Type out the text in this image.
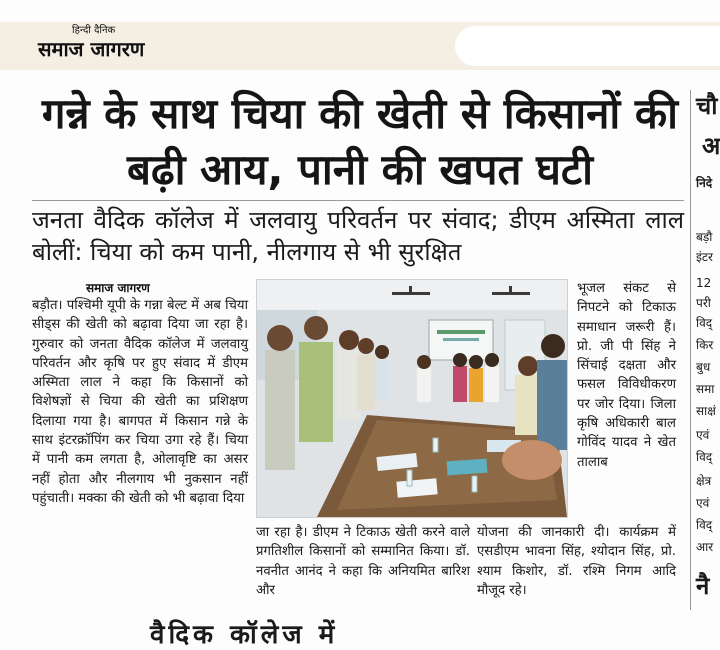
हिन्दी दैनिक
समाज जागरण
गन्ने के साथ चिया की खेती से किसानों की बढ़ी आय, पानी की खपत घटी

जनता वैदिक कॉलेज में जलवायु परिवर्तन पर संवाद; डीएम अस्मिता लाल बोलीं: चिया को कम पानी, नीलगाय से भी सुरक्षित

समाज जागरण

बड़ौत। पश्चिमी यूपी के गन्ना बेल्ट में अब चिया सीड्स की खेती को बढ़ावा दिया जा रहा है। गुरुवार को जनता वैदिक कॉलेज में जलवायु परिवर्तन और कृषि पर हुए संवाद में डीएम अस्मिता लाल ने कहा कि किसानों को विशेषज्ञों से चिया की खेती का प्रशिक्षण दिलाया गया है। बागपत में किसान गन्ने के साथ इंटरक्रॉपिंग कर चिया उगा रहे हैं। चिया में पानी कम लगता है, ओलावृष्टि का असर नहीं होता और नीलगाय भी नुकसान नहीं पहुंचाती। मक्का की खेती को भी बढ़ावा दिया

भूजल संकट से निपटने को टिकाऊ समाधान जरूरी हैं। प्रो. जी पी सिंह ने सिंचाई दक्षता और फसल विविधीकरण पर जोर दिया। जिला कृषि अधिकारी बाल गोविंद यादव ने खेत तालाब

जा रहा है। डीएम ने टिकाऊ खेती करने वाले प्रगतिशील किसानों को सम्मानित किया। डॉ. नवनीत आनंद ने कहा कि अनियमित बारिश और

योजना की जानकारी दी। कार्यक्रम में एसडीएम भावना सिंह, श्योदान सिंह, प्रो. श्याम किशोर, डॉ. रश्मि निगम आदि मौजूद रहे।

वैदिक कॉलेज में
चौ
अ
निदे
बड़ौ
इंटर
12
परी
विद्
किर
बुध
समा
साक्षं
एवं
विद्
क्षेत्र
एवं
विद्
आर
नै
